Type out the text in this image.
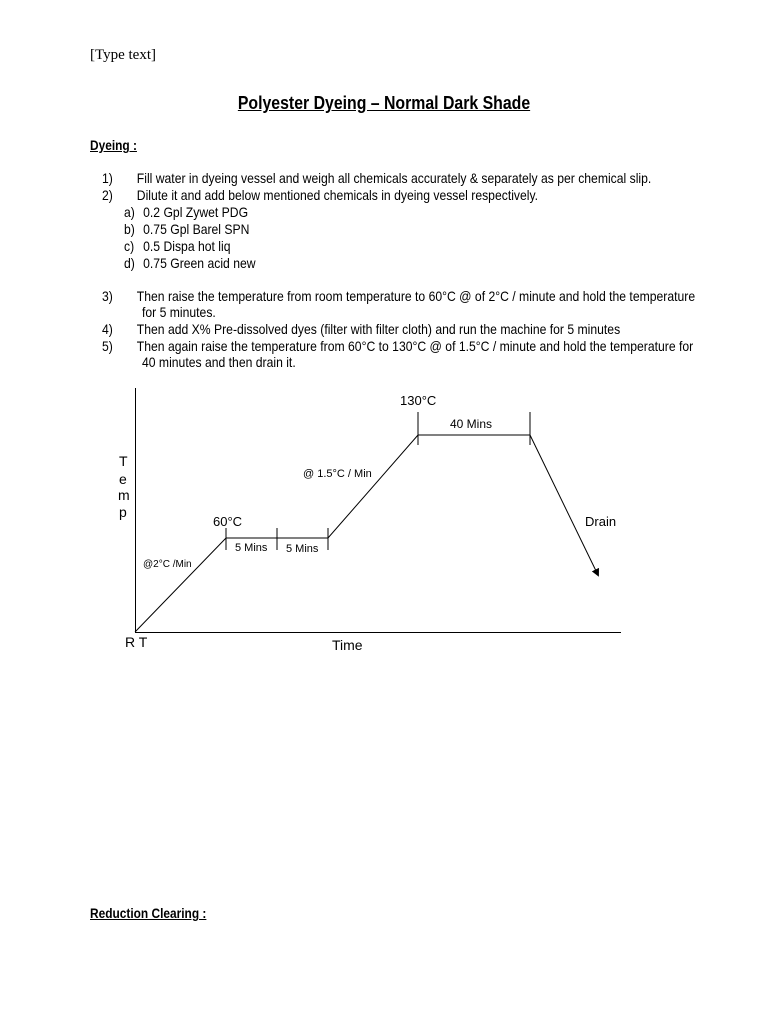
[Type text]
Polyester Dyeing – Normal Dark Shade
Dyeing :
1) Fill water in dyeing vessel and weigh all chemicals accurately & separately as per chemical slip.
2) Dilute it and add below mentioned chemicals in dyeing vessel respectively.
a) 0.2 Gpl Zywet PDG
b) 0.75 Gpl Barel SPN
c) 0.5 Dispa hot liq
d) 0.75 Green acid new
3) Then raise the temperature from room temperature to 60°C @ of 2°C / minute and hold the temperature
for 5 minutes.
4) Then add X% Pre-dissolved dyes (filter with filter cloth) and run the machine for 5 minutes
5) Then again raise the temperature from 60°C to 130°C @ of 1.5°C / minute and hold the temperature for
40 minutes and then drain it.
T
e
m
p
R T	Time
60°C
130°C
@2°C /Min
@ 1.5°C / Min
5 Mins 5 Mins
40 Mins
Drain
Reduction Clearing :
